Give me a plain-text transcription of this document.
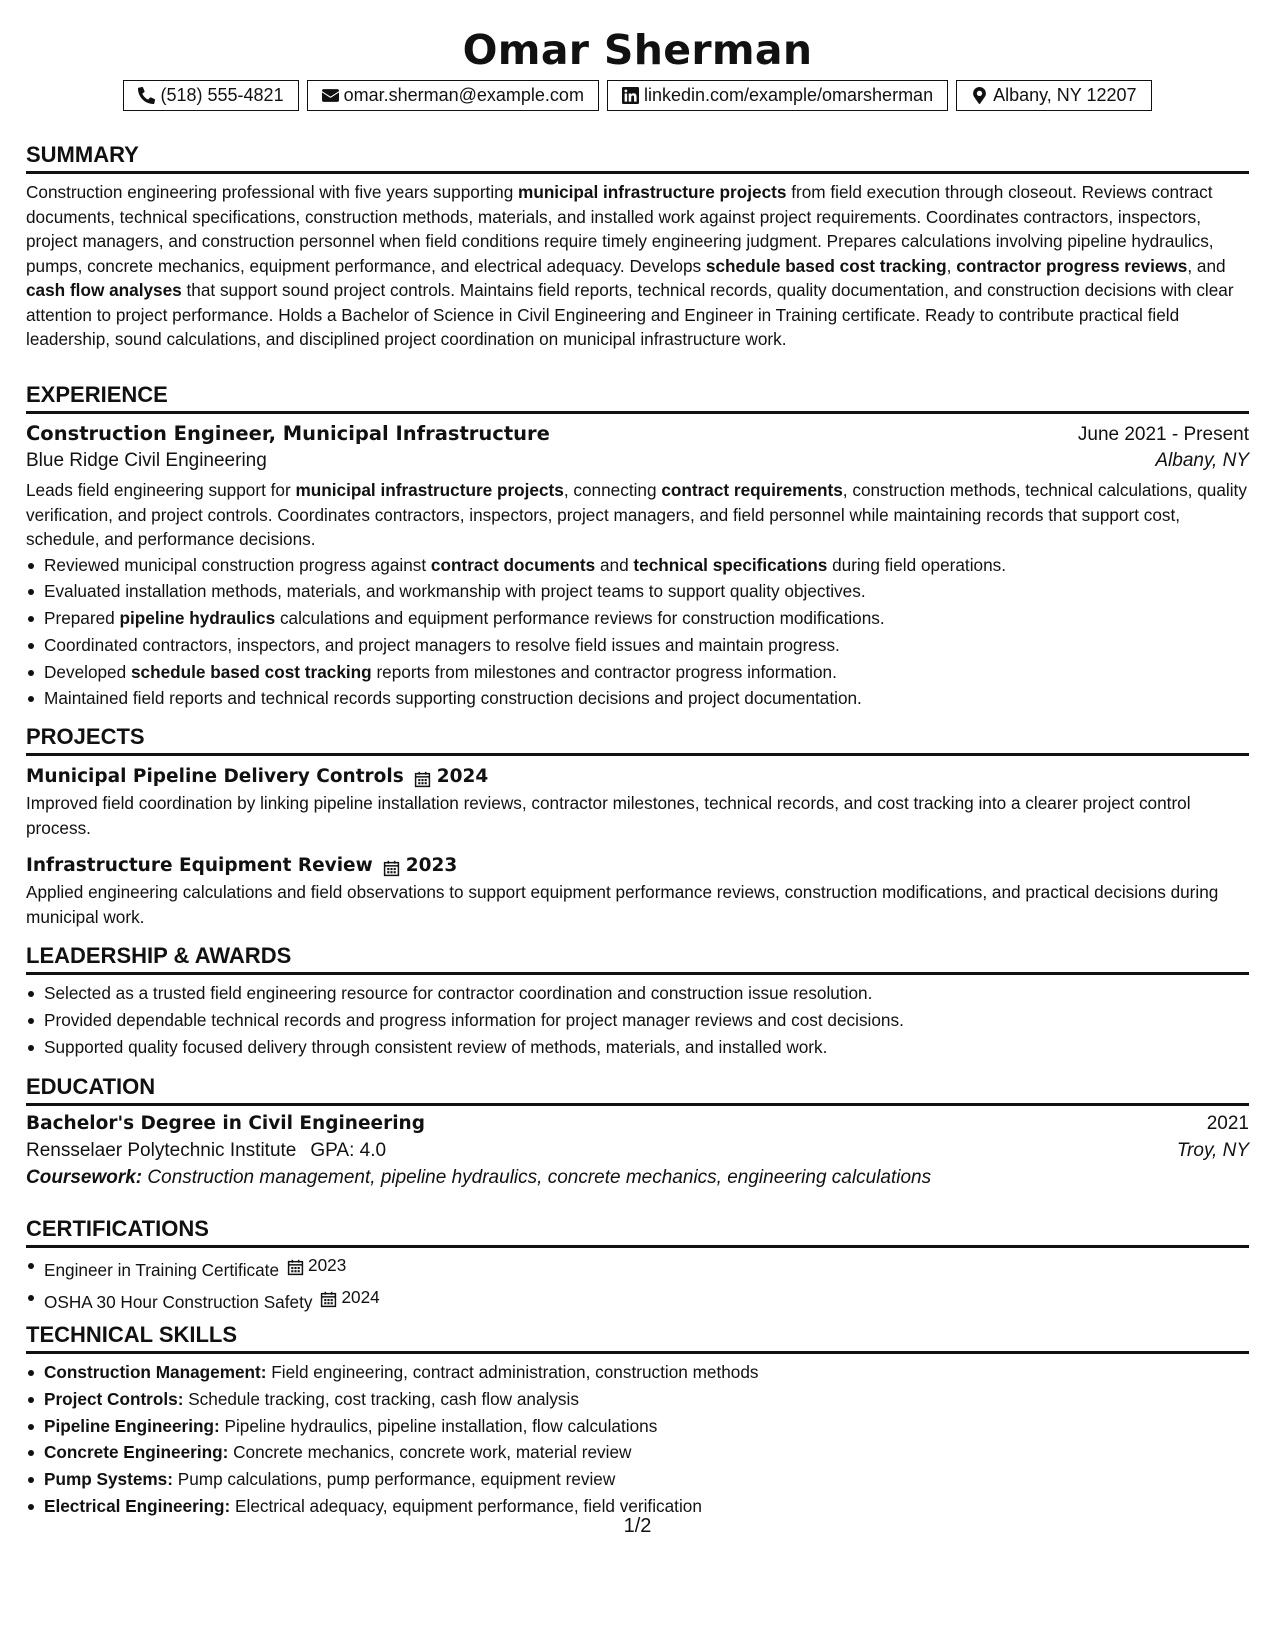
Omar Sherman
(518) 555-4821	omar.sherman@example.com	linkedin.com/example/omarsherman	Albany, NY 12207
SUMMARY
Construction engineering professional with five years supporting municipal infrastructure projects from field execution through closeout. Reviews contract documents, technical specifications, construction methods, materials, and installed work against project requirements. Coordinates contractors, inspectors, project managers, and construction personnel when field conditions require timely engineering judgment. Prepares calculations involving pipeline hydraulics, pumps, concrete mechanics, equipment performance, and electrical adequacy. Develops schedule based cost tracking, contractor progress reviews, and cash flow analyses that support sound project controls. Maintains field reports, technical records, quality documentation, and construction decisions with clear attention to project performance. Holds a Bachelor of Science in Civil Engineering and Engineer in Training certificate. Ready to contribute practical field leadership, sound calculations, and disciplined project coordination on municipal infrastructure work.
EXPERIENCE
Construction Engineer, Municipal Infrastructure	June 2021 - Present
Blue Ridge Civil Engineering	Albany, NY
Leads field engineering support for municipal infrastructure projects, connecting contract requirements, construction methods, technical calculations, quality verification, and project controls. Coordinates contractors, inspectors, project managers, and field personnel while maintaining records that support cost, schedule, and performance decisions.
Reviewed municipal construction progress against contract documents and technical specifications during field operations.
Evaluated installation methods, materials, and workmanship with project teams to support quality objectives.
Prepared pipeline hydraulics calculations and equipment performance reviews for construction modifications.
Coordinated contractors, inspectors, and project managers to resolve field issues and maintain progress.
Developed schedule based cost tracking reports from milestones and contractor progress information.
Maintained field reports and technical records supporting construction decisions and project documentation.
PROJECTS
Municipal Pipeline Delivery Controls 2024
Improved field coordination by linking pipeline installation reviews, contractor milestones, technical records, and cost tracking into a clearer project control process.
Infrastructure Equipment Review 2023
Applied engineering calculations and field observations to support equipment performance reviews, construction modifications, and practical decisions during municipal work.
LEADERSHIP & AWARDS
Selected as a trusted field engineering resource for contractor coordination and construction issue resolution.
Provided dependable technical records and progress information for project manager reviews and cost decisions.
Supported quality focused delivery through consistent review of methods, materials, and installed work.
EDUCATION
Bachelor's Degree in Civil Engineering	2021
Rensselaer Polytechnic Institute GPA: 4.0	Troy, NY
Coursework: Construction management, pipeline hydraulics, concrete mechanics, engineering calculations
CERTIFICATIONS
Engineer in Training Certificate 2023
OSHA 30 Hour Construction Safety 2024
TECHNICAL SKILLS
Construction Management: Field engineering, contract administration, construction methods
Project Controls: Schedule tracking, cost tracking, cash flow analysis
Pipeline Engineering: Pipeline hydraulics, pipeline installation, flow calculations
Concrete Engineering: Concrete mechanics, concrete work, material review
Pump Systems: Pump calculations, pump performance, equipment review
Electrical Engineering: Electrical adequacy, equipment performance, field verification
1/2
